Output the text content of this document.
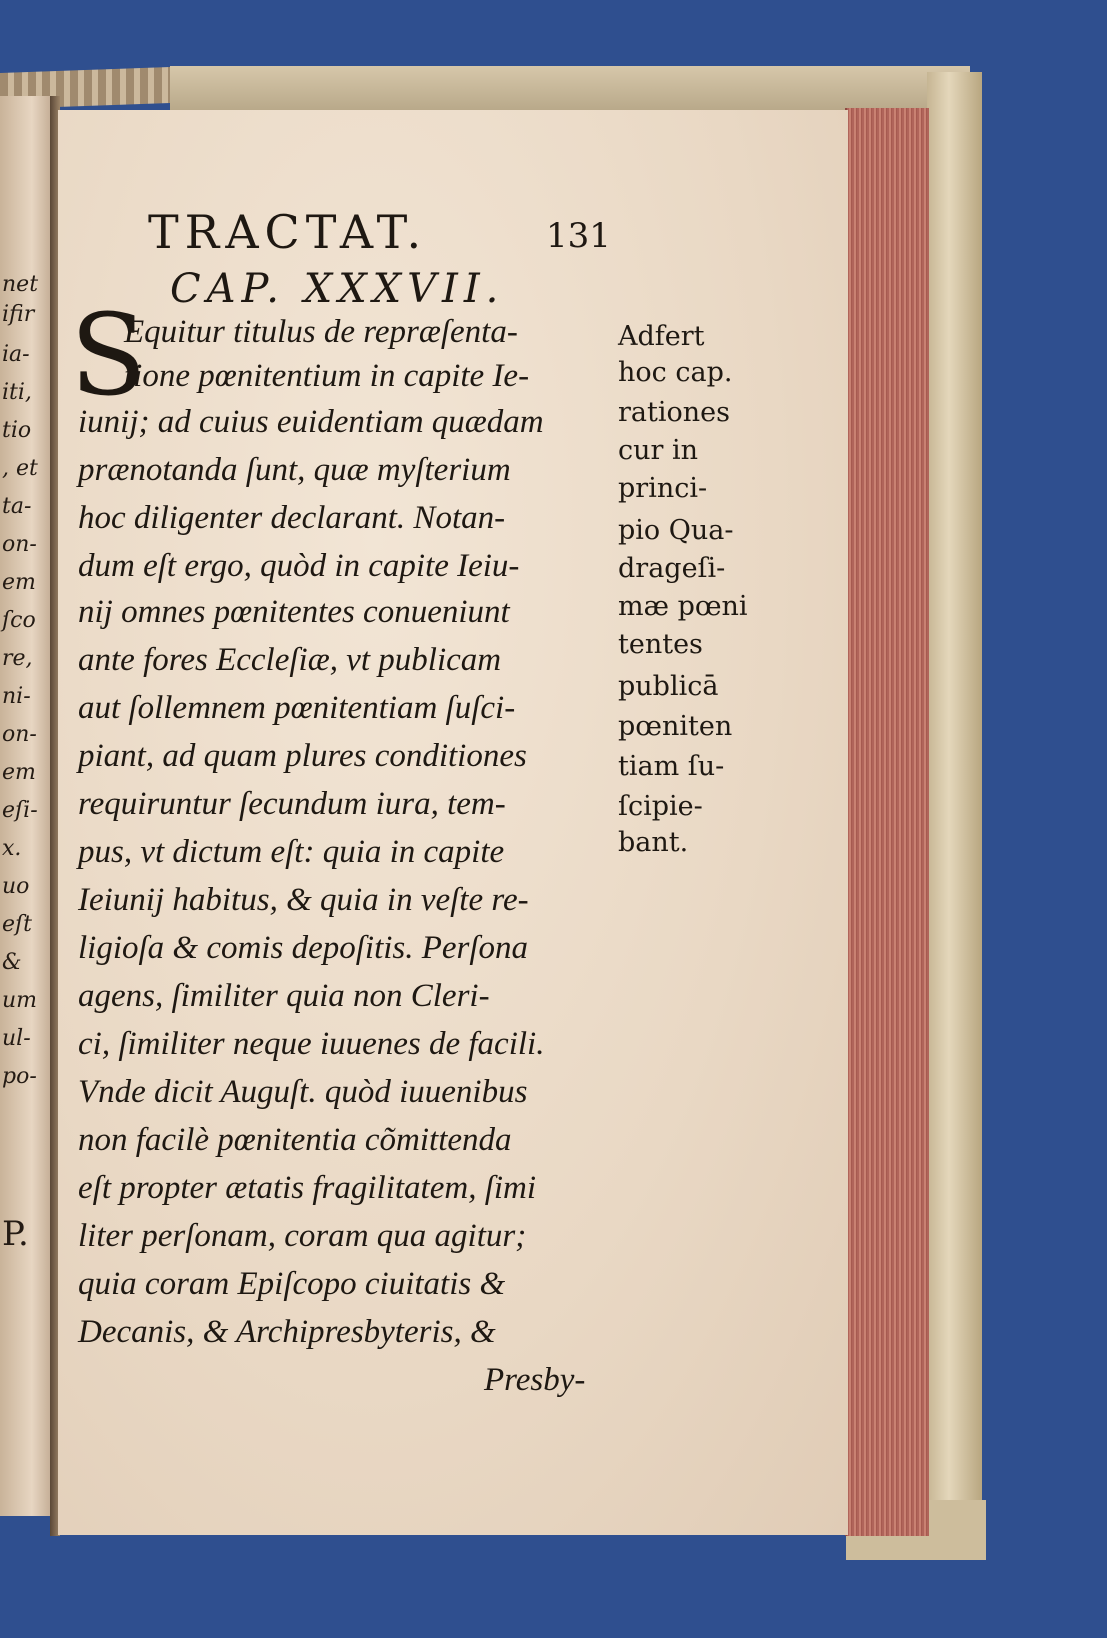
net
ifir
ia-
iti,
tio
, et
ta-
on-
em
ſco
re,
ni-
on-
em
eſi-
x.
uo
eſt
&
um
ul-
po-
P.
TRACTAT.	131
CAP. XXXVII.
S
Equitur titulus de repræſenta-
tione pœnitentium in capite Ie-
iunij; ad cuius euidentiam quædam
prænotanda ſunt, quæ myſterium
hoc diligenter declarant. Notan-
dum eſt ergo, quòd in capite Ieiu-
nij omnes pœnitentes conueniunt
ante fores Eccleſiæ, vt publicam
aut ſollemnem pœnitentiam ſuſci-
piant, ad quam plures conditiones
requiruntur ſecundum iura, tem-
pus, vt dictum eſt: quia in capite
Ieiunij habitus, & quia in veſte re-
ligioſa & comis depoſitis. Perſona
agens, ſimiliter quia non Cleri-
ci, ſimiliter neque iuuenes de facili.
Vnde dicit Auguſt. quòd iuuenibus
non facilè pœnitentia cõmittenda
eſt propter ætatis fragilitatem, ſimi
liter perſonam, coram qua agitur;
quia coram Epiſcopo ciuitatis &
Decanis, & Archipresbyteris, &
Presby-
Adfert
hoc cap.
rationes
cur in
princi-
pio Qua-
drageſi-
mæ pœni
tentes
publicā
pœniten
tiam ſu-
ſcipie-
bant.
